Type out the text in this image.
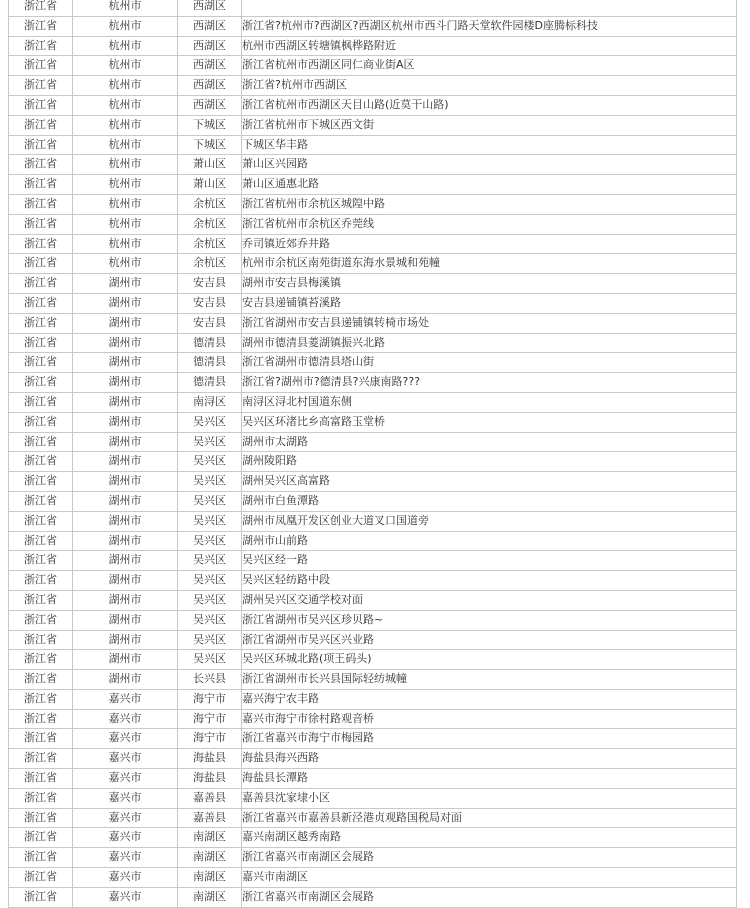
浙江省	杭州市	西湖区	
浙江省	杭州市	西湖区	浙江省?杭州市?西湖区?西湖区杭州市西斗门路天堂软件园楼D座腾标科技
浙江省	杭州市	西湖区	杭州市西湖区转塘镇枫桦路附近
浙江省	杭州市	西湖区	浙江省杭州市西湖区同仁商业街A区
浙江省	杭州市	西湖区	浙江省?杭州市西湖区
浙江省	杭州市	西湖区	浙江省杭州市西湖区天目山路(近莫干山路)
浙江省	杭州市	下城区	浙江省杭州市下城区西文街
浙江省	杭州市	下城区	下城区华丰路
浙江省	杭州市	萧山区	萧山区兴园路
浙江省	杭州市	萧山区	萧山区通惠北路
浙江省	杭州市	余杭区	浙江省杭州市余杭区城隍中路
浙江省	杭州市	余杭区	浙江省杭州市余杭区乔莞线
浙江省	杭州市	余杭区	乔司镇近郊乔井路
浙江省	杭州市	余杭区	杭州市余杭区南苑街道东海水景城和苑幢
浙江省	湖州市	安吉县	湖州市安吉县梅溪镇
浙江省	湖州市	安吉县	安吉县递铺镇苔溪路
浙江省	湖州市	安吉县	浙江省湖州市安吉县递铺镇转椅市场处
浙江省	湖州市	德清县	湖州市德清县菱湖镇振兴北路
浙江省	湖州市	德清县	浙江省湖州市德清县塔山街
浙江省	湖州市	德清县	浙江省?湖州市?德清县?兴康南路???
浙江省	湖州市	南浔区	南浔区浔北村国道东侧
浙江省	湖州市	吴兴区	吴兴区环渚比乡高富路玉堂桥
浙江省	湖州市	吴兴区	湖州市太湖路
浙江省	湖州市	吴兴区	湖州陵阳路
浙江省	湖州市	吴兴区	湖州吴兴区高富路
浙江省	湖州市	吴兴区	湖州市白鱼潭路
浙江省	湖州市	吴兴区	湖州市凤凰开发区创业大道叉口国道旁
浙江省	湖州市	吴兴区	湖州市山前路
浙江省	湖州市	吴兴区	吴兴区经一路
浙江省	湖州市	吴兴区	吴兴区轻纺路中段
浙江省	湖州市	吴兴区	湖州吴兴区交通学校对面
浙江省	湖州市	吴兴区	浙江省湖州市吴兴区珍贝路~
浙江省	湖州市	吴兴区	浙江省湖州市吴兴区兴业路
浙江省	湖州市	吴兴区	吴兴区环城北路(项王码头)
浙江省	湖州市	长兴县	浙江省湖州市长兴县国际轻纺城幢
浙江省	嘉兴市	海宁市	嘉兴海宁农丰路
浙江省	嘉兴市	海宁市	嘉兴市海宁市徐村路观音桥
浙江省	嘉兴市	海宁市	浙江省嘉兴市海宁市梅园路
浙江省	嘉兴市	海盐县	海盐县海兴西路
浙江省	嘉兴市	海盐县	海盐县长潭路
浙江省	嘉兴市	嘉善县	嘉善县沈家埭小区
浙江省	嘉兴市	嘉善县	浙江省嘉兴市嘉善县新泾港贞观路国税局对面
浙江省	嘉兴市	南湖区	嘉兴南湖区越秀南路
浙江省	嘉兴市	南湖区	浙江省嘉兴市南湖区会展路
浙江省	嘉兴市	南湖区	嘉兴市南湖区
浙江省	嘉兴市	南湖区	浙江省嘉兴市南湖区会展路
